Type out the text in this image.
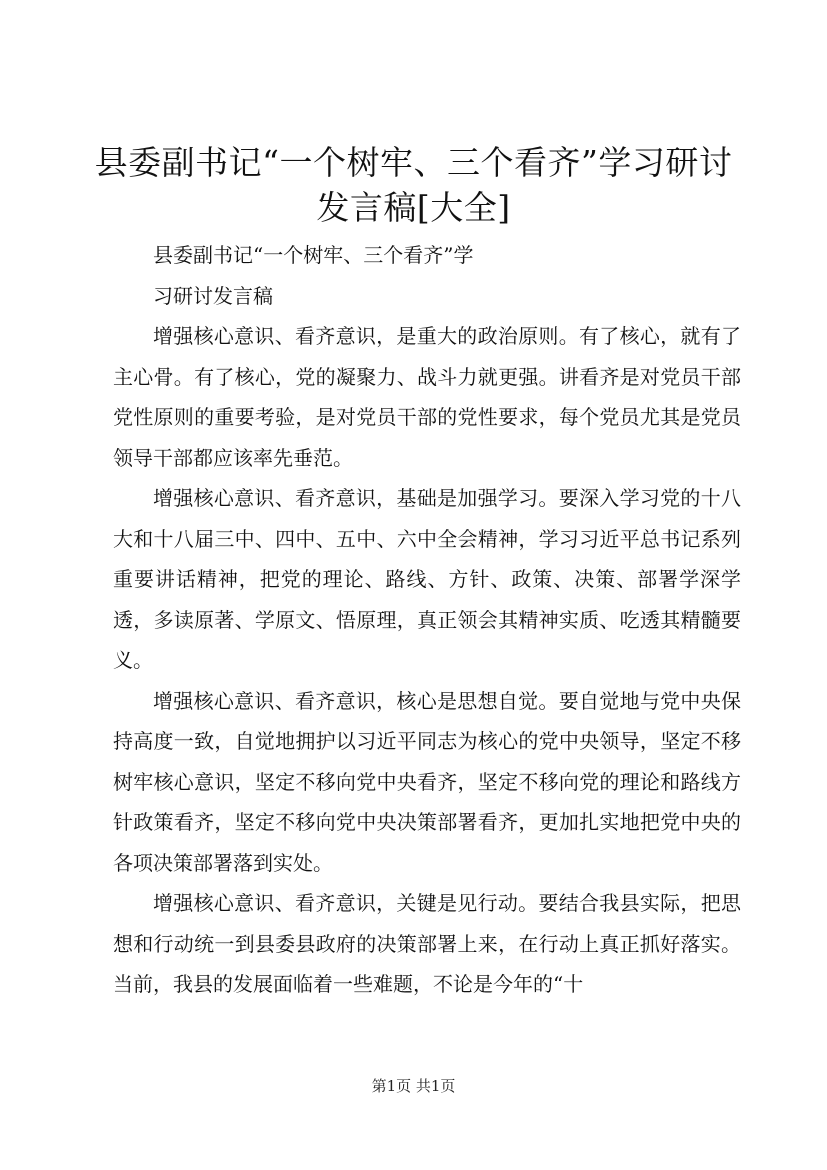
县委副书记“一个树牢、三个看齐”学习研讨
发言稿[大全]

县委副书记“一个树牢、三个看齐”学

习研讨发言稿

增强核心意识、看齐意识，是重大的政治原则。有了核心，就有了主心骨。有了核心，党的凝聚力、战斗力就更强。讲看齐是对党员干部党性原则的重要考验，是对党员干部的党性要求，每个党员尤其是党员领导干部都应该率先垂范。

增强核心意识、看齐意识，基础是加强学习。要深入学习党的十八大和十八届三中、四中、五中、六中全会精神，学习习近平总书记系列重要讲话精神，把党的理论、路线、方针、政策、决策、部署学深学透，多读原著、学原文、悟原理，真正领会其精神实质、吃透其精髓要义。

增强核心意识、看齐意识，核心是思想自觉。要自觉地与党中央保持高度一致，自觉地拥护以习近平同志为核心的党中央领导，坚定不移树牢核心意识，坚定不移向党中央看齐，坚定不移向党的理论和路线方针政策看齐，坚定不移向党中央决策部署看齐，更加扎实地把党中央的各项决策部署落到实处。

增强核心意识、看齐意识，关键是见行动。要结合我县实际，把思想和行动统一到县委县政府的决策部署上来，在行动上真正抓好落实。当前，我县的发展面临着一些难题，不论是今年的“十

第1页 共1页
